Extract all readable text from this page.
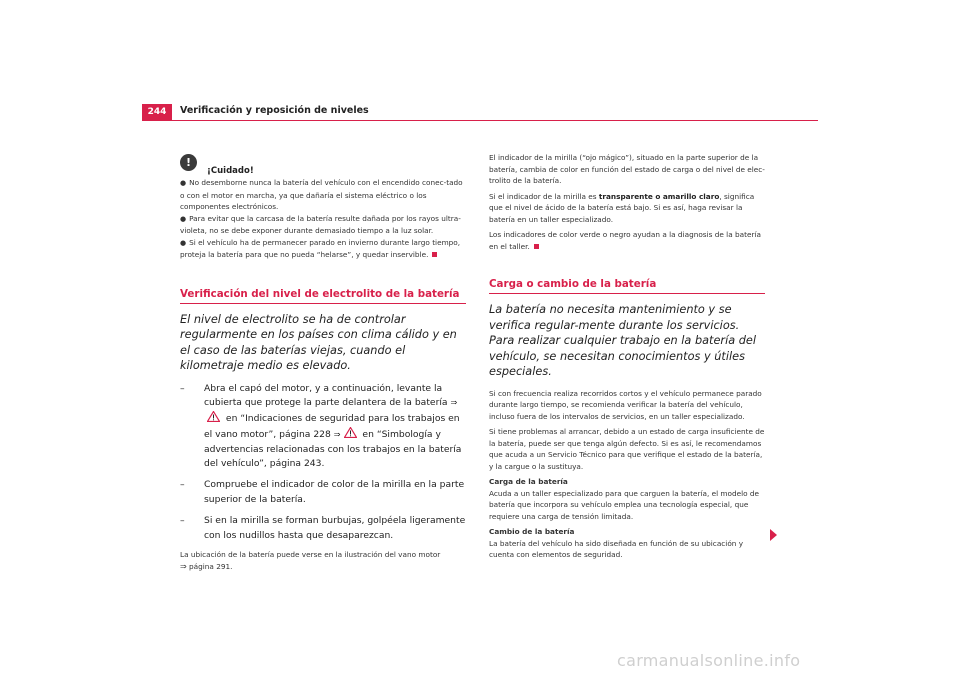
244	Verificación y reposición de niveles
!
¡Cuidado!
● No desemborne nunca la batería del vehículo con el encendido conec-tado o con el motor en marcha, ya que dañaría el sistema eléctrico o los componentes electrónicos.
● Para evitar que la carcasa de la batería resulte dañada por los rayos ultra-violeta, no se debe exponer durante demasiado tiempo a la luz solar.
● Si el vehículo ha de permanecer parado en invierno durante largo tiempo, proteja la batería para que no pueda “helarse”, y quedar inservible.
Verificación del nivel de electrolito de la batería
El nivel de electrolito se ha de controlar regularmente en los países con clima cálido y en el caso de las baterías viejas, cuando el kilometraje medio es elevado.
– Abra el capó del motor, y a continuación, levante la cubierta que protege la parte delantera de la batería ⇒
en “Indicaciones de seguridad para los trabajos en el vano motor”, página 228 ⇒ en “Simbología y advertencias relacionadas con los trabajos en la batería del vehículo”, página 243.
– Compruebe el indicador de color de la mirilla en la parte superior de la batería.
– Si en la mirilla se forman burbujas, golpéela ligeramente con los nudillos hasta que desaparezcan.
La ubicación de la batería puede verse en la ilustración del vano motor
⇒ página 291.
El indicador de la mirilla (“ojo mágico”), situado en la parte superior de la batería, cambia de color en función del estado de carga o del nivel de elec-trolito de la batería.
Si el indicador de la mirilla es transparente o amarillo claro, significa que el nivel de ácido de la batería está bajo. Si es así, haga revisar la batería en un taller especializado.
Los indicadores de color verde o negro ayudan a la diagnosis de la batería en el taller.
Carga o cambio de la batería
La batería no necesita mantenimiento y se verifica regular-mente durante los servicios. Para realizar cualquier trabajo en la batería del vehículo, se necesitan conocimientos y útiles especiales.
Si con frecuencia realiza recorridos cortos y el vehículo permanece parado durante largo tiempo, se recomienda verificar la batería del vehículo, incluso fuera de los intervalos de servicios, en un taller especializado.
Si tiene problemas al arrancar, debido a un estado de carga insuficiente de la batería, puede ser que tenga algún defecto. Si es así, le recomendamos que acuda a un Servicio Técnico para que verifique el estado de la batería, y la cargue o la sustituya.
Carga de la batería
Acuda a un taller especializado para que carguen la batería, el modelo de batería que incorpora su vehículo emplea una tecnología especial, que requiere una carga de tensión limitada.
Cambio de la batería
La batería del vehículo ha sido diseñada en función de su ubicación y cuenta con elementos de seguridad.
carmanualsonline.info
